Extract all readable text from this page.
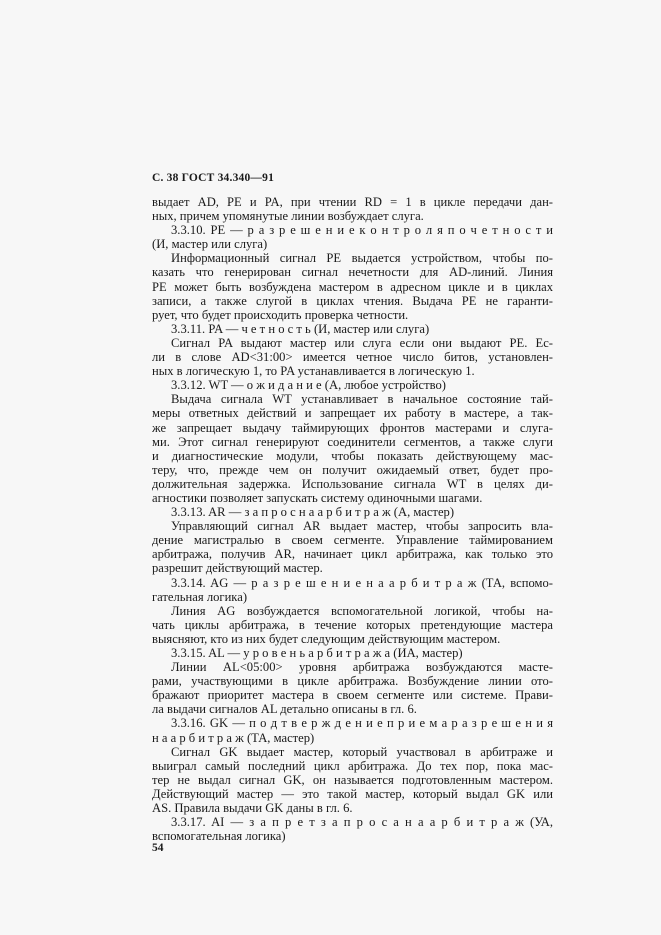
С. 38 ГОСТ 34.340—91
выдает AD, PE и PA, при чтении RD = 1 в цикле передачи дан-
ных, причем упомянутые линии возбуждает слуга.
3.3.10. PE — р а з р е ш е н и е к о н т р о л я п о ч е т н о с т и
(И, мастер или слуга)
Информационный сигнал PE выдается устройством, чтобы по-
казать что генерирован сигнал нечетности для AD-линий. Линия
PE может быть возбуждена мастером в адресном цикле и в циклах
записи, а также слугой в циклах чтения. Выдача PE не гаранти-
рует, что будет происходить проверка четности.
3.3.11. PA — ч е т н о с т ь (И, мастер или слуга)
Сигнал PA выдают мастер или слуга если они выдают PE. Ес-
ли в слове AD<31:00> имеется четное число битов, установлен-
ных в логическую 1, то PA устанавливается в логическую 1.
3.3.12. WT — о ж и д а н и е (А, любое устройство)
Выдача сигнала WT устанавливает в начальное состояние тай-
меры ответных действий и запрещает их работу в мастере, а так-
же запрещает выдачу таймирующих фронтов мастерами и слуга-
ми. Этот сигнал генерируют соединители сегментов, а также слуги
и диагностические модули, чтобы показать действующему мас-
теру, что, прежде чем он получит ожидаемый ответ, будет про-
должительная задержка. Использование сигнала WT в целях ди-
агностики позволяет запускать систему одиночными шагами.
3.3.13. AR — з а п р о с н а а р б и т р а ж (А, мастер)
Управляющий сигнал AR выдает мастер, чтобы запросить вла-
дение магистралью в своем сегменте. Управление таймированием
арбитража, получив AR, начинает цикл арбитража, как только это
разрешит действующий мастер.
3.3.14. AG — р а з р е ш е н и е н а а р б и т р а ж (ТА, вспомо-
гательная логика)
Линия AG возбуждается вспомогательной логикой, чтобы на-
чать циклы арбитража, в течение которых претендующие мастера
выясняют, кто из них будет следующим действующим мастером.
3.3.15. AL — у р о в е н ь а р б и т р а ж а (ИА, мастер)
Линии AL<05:00> уровня арбитража возбуждаются масте-
рами, участвующими в цикле арбитража. Возбуждение линии ото-
бражают приоритет мастера в своем сегменте или системе. Прави-
ла выдачи сигналов AL детально описаны в гл. 6.
3.3.16. GK — п о д т в е р ж д е н и е п р и е м а р а з р е ш е н и я
н а а р б и т р а ж (ТА, мастер)
Сигнал GK выдает мастер, который участвовал в арбитраже и
выиграл самый последний цикл арбитража. До тех пор, пока мас-
тер не выдал сигнал GK, он называется подготовленным мастером.
Действующий мастер — это такой мастер, который выдал GK или
AS. Правила выдачи GK даны в гл. 6.
3.3.17. AI — з а п р е т з а п р о с а н а а р б и т р а ж (УА,
вспомогательная логика)
54
